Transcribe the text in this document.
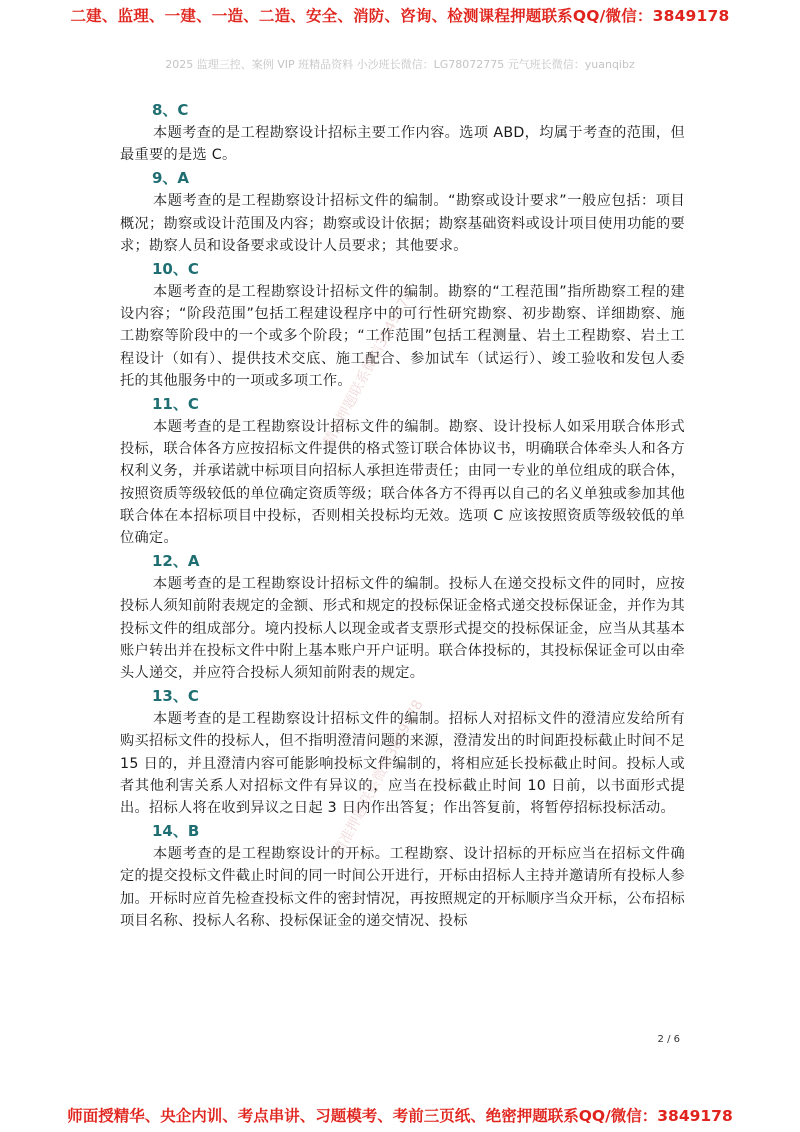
二建、监理、一建、一造、二造、安全、消防、咨询、检测课程押题联系QQ/微信：3849178
2025 监理三控、案例 VIP 班精品资料 小沙班长微信：LG78072775 元气班长微信：yuanqibz
8、C
本题考查的是工程勘察设计招标主要工作内容。选项 ABD，均属于考查的范围，但最重要的是选 C。
9、A
本题考查的是工程勘察设计招标文件的编制。“勘察或设计要求”一般应包括：项目概况；勘察或设计范围及内容；勘察或设计依据；勘察基础资料或设计项目使用功能的要求；勘察人员和设备要求或设计人员要求；其他要求。
10、C
本题考查的是工程勘察设计招标文件的编制。勘察的“工程范围”指所勘察工程的建设内容；“阶段范围”包括工程建设程序中的可行性研究勘察、初步勘察、详细勘察、施工勘察等阶段中的一个或多个阶段；“工作范围”包括工程测量、岩土工程勘察、岩土工程设计（如有）、提供技术交底、施工配合、参加试车（试运行）、竣工验收和发包人委托的其他服务中的一项或多项工作。
11、C
本题考查的是工程勘察设计招标文件的编制。勘察、设计投标人如采用联合体形式投标，联合体各方应按招标文件提供的格式签订联合体协议书，明确联合体牵头人和各方权利义务，并承诺就中标项目向招标人承担连带责任；由同一专业的单位组成的联合体，按照资质等级较低的单位确定资质等级；联合体各方不得再以自己的名义单独或参加其他联合体在本招标项目中投标，否则相关投标均无效。选项 C 应该按照资质等级较低的单位确定。
12、A
本题考查的是工程勘察设计招标文件的编制。投标人在递交投标文件的同时，应按投标人须知前附表规定的金额、形式和规定的投标保证金格式递交投标保证金，并作为其投标文件的组成部分。境内投标人以现金或者支票形式提交的投标保证金，应当从其基本账户转出并在投标文件中附上基本账户开户证明。联合体投标的，其投标保证金可以由牵头人递交，并应符合投标人须知前附表的规定。
13、C
本题考查的是工程勘察设计招标文件的编制。招标人对招标文件的澄清应发给所有购买招标文件的投标人，但不指明澄清问题的来源，澄清发出的时间距投标截止时间不足 15 日的，并且澄清内容可能影响投标文件编制的，将相应延长投标截止时间。投标人或者其他利害关系人对招标文件有异议的，应当在投标截止时间 10 日前，以书面形式提出。招标人将在收到异议之日起 3 日内作出答复；作出答复前，将暂停招标投标活动。
14、B
本题考查的是工程勘察设计的开标。工程勘察、设计招标的开标应当在招标文件确定的提交投标文件截止时间的同一时间公开进行，开标由招标人主持并邀请所有投标人参加。开标时应首先检查投标文件的密封情况，再按照规定的开标顺序当众开标，公布招标项目名称、投标人名称、投标保证金的递交情况、投标
精准押题联系微信3849178
精准押题联系微信3849178
2 / 6
师面授精华、央企内训、考点串讲、习题模考、考前三页纸、绝密押题联系QQ/微信：3849178
